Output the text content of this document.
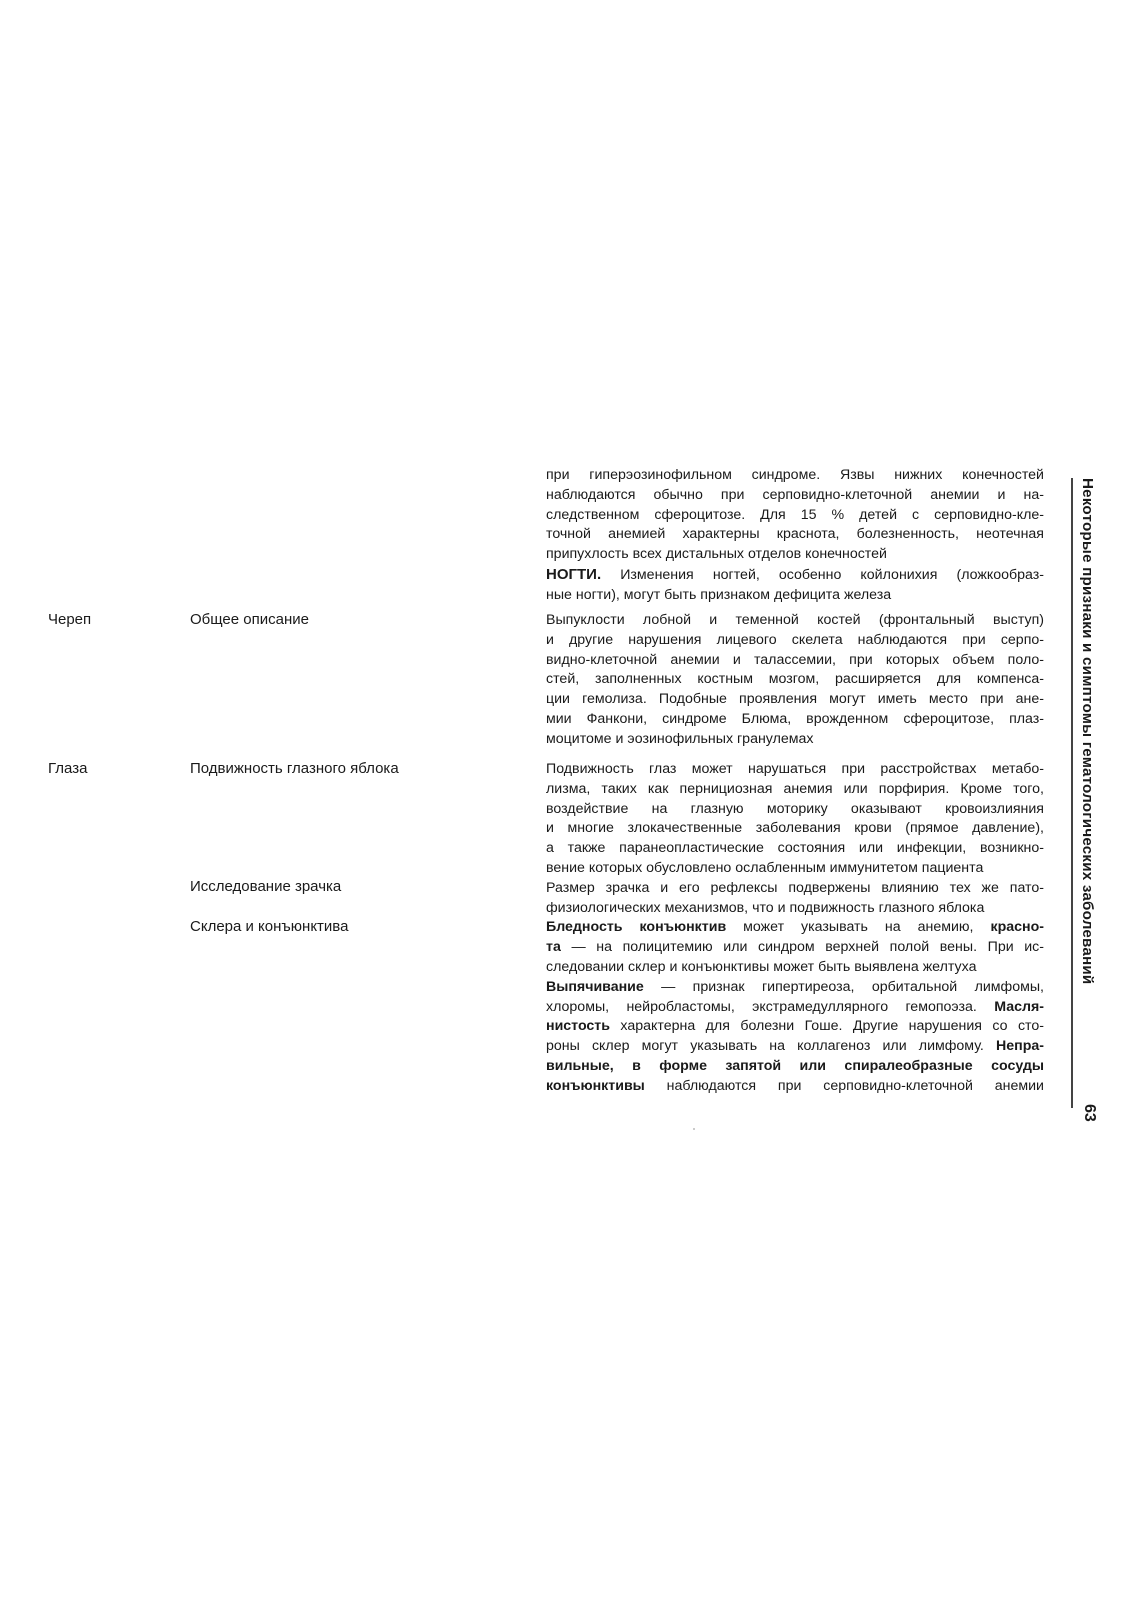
Череп
Глаза
Общее описание
Подвижность глазного яблока
Исследование зрачка
Склера и конъюнктива
при гиперэозинофильном синдроме. Язвы нижних конечностей
наблюдаются обычно при серповидно-клеточной анемии и на-
следственном сфероцитозе. Для 15 % детей с серповидно-кле-
точной анемией характерны краснота, болезненность, неотечная
припухлость всех дистальных отделов конечностей
НОГТИ. Изменения ногтей, особенно койлонихия (ложкообраз-
ные ногти), могут быть признаком дефицита железа
Выпуклости лобной и теменной костей (фронтальный выступ)
и другие нарушения лицевого скелета наблюдаются при серпо-
видно-клеточной анемии и талассемии, при которых объем поло-
стей, заполненных костным мозгом, расширяется для компенса-
ции гемолиза. Подобные проявления могут иметь место при ане-
мии Фанкони, синдроме Блюма, врожденном сфероцитозе, плаз-
моцитоме и эозинофильных гранулемах
Подвижность глаз может нарушаться при расстройствах метабо-
лизма, таких как пернициозная анемия или порфирия. Кроме того,
воздействие на глазную моторику оказывают кровоизлияния
и многие злокачественные заболевания крови (прямое давление),
а также паранеопластические состояния или инфекции, возникно-
вение которых обусловлено ослабленным иммунитетом пациента
Размер зрачка и его рефлексы подвержены влиянию тех же пато-
физиологических механизмов, что и подвижность глазного яблока
Бледность конъюнктив может указывать на анемию, красно-
та — на полицитемию или синдром верхней полой вены. При ис-
следовании склер и конъюнктивы может быть выявлена желтуха
Выпячивание — признак гипертиреоза, орбитальной лимфомы,
хлоромы, нейробластомы, экстрамедуллярного гемопоэза. Масля-
нистость характерна для болезни Гоше. Другие нарушения со сто-
роны склер могут указывать на коллагеноз или лимфому. Непра-
вильные, в форме запятой или спиралеобразные сосуды
конъюнктивы наблюдаются при серповидно-клеточной анемии
Некоторые признаки и симптомы гематологических заболеваний
63
